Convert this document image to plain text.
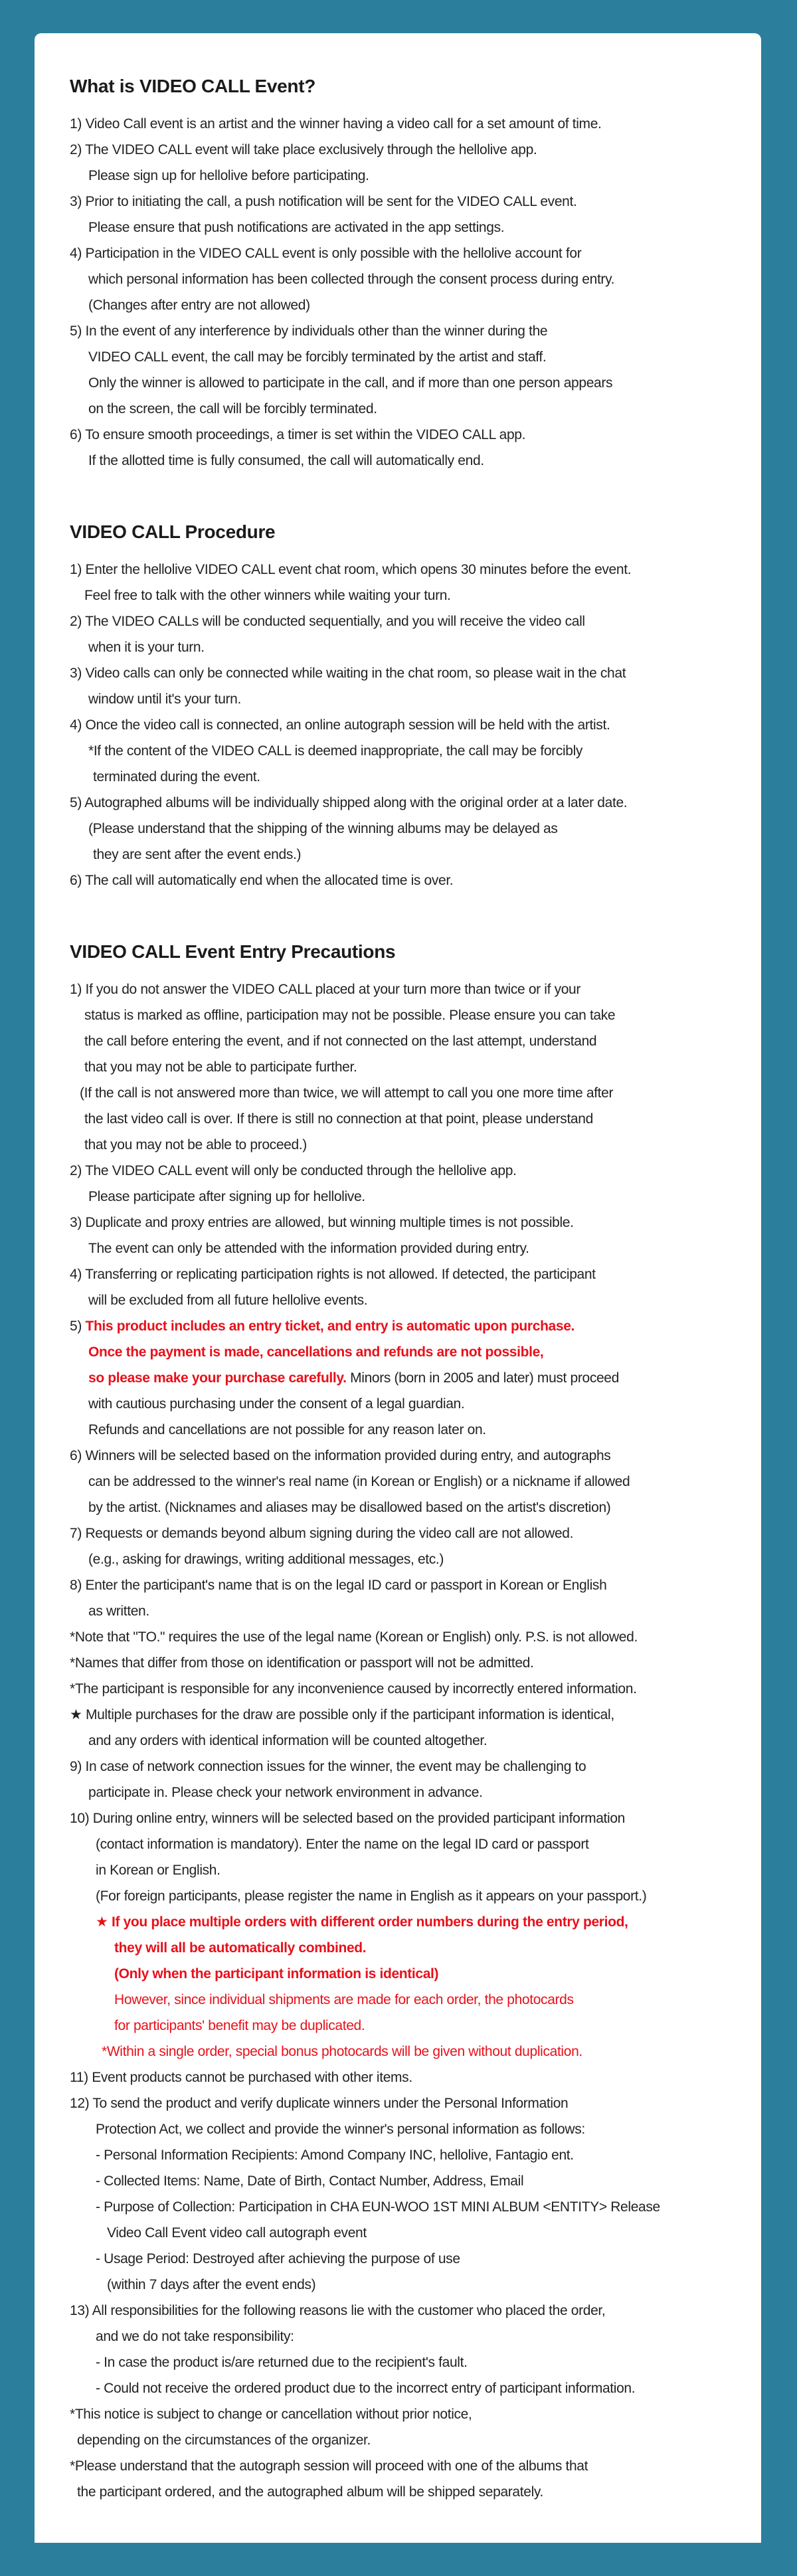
What is VIDEO CALL Event?
1) Video Call event is an artist and the winner having a video call for a set amount of time.
2) The VIDEO CALL event will take place exclusively through the hellolive app.
Please sign up for hellolive before participating.
3) Prior to initiating the call, a push notification will be sent for the VIDEO CALL event.
Please ensure that push notifications are activated in the app settings.
4) Participation in the VIDEO CALL event is only possible with the hellolive account for
which personal information has been collected through the consent process during entry.
(Changes after entry are not allowed)
5) In the event of any interference by individuals other than the winner during the
VIDEO CALL event, the call may be forcibly terminated by the artist and staff.
Only the winner is allowed to participate in the call, and if more than one person appears
on the screen, the call will be forcibly terminated.
6) To ensure smooth proceedings, a timer is set within the VIDEO CALL app.
If the allotted time is fully consumed, the call will automatically end.
VIDEO CALL Procedure
1) Enter the hellolive VIDEO CALL event chat room, which opens 30 minutes before the event.
Feel free to talk with the other winners while waiting your turn.
2) The VIDEO CALLs will be conducted sequentially, and you will receive the video call
when it is your turn.
3) Video calls can only be connected while waiting in the chat room, so please wait in the chat
window until it's your turn.
4) Once the video call is connected, an online autograph session will be held with the artist.
*If the content of the VIDEO CALL is deemed inappropriate, the call may be forcibly
terminated during the event.
5) Autographed albums will be individually shipped along with the original order at a later date.
(Please understand that the shipping of the winning albums may be delayed as
they are sent after the event ends.)
6) The call will automatically end when the allocated time is over.
VIDEO CALL Event Entry Precautions
1) If you do not answer the VIDEO CALL placed at your turn more than twice or if your
status is marked as offline, participation may not be possible. Please ensure you can take
the call before entering the event, and if not connected on the last attempt, understand
that you may not be able to participate further.
(If the call is not answered more than twice, we will attempt to call you one more time after
the last video call is over. If there is still no connection at that point, please understand
that you may not be able to proceed.)
2) The VIDEO CALL event will only be conducted through the hellolive app.
Please participate after signing up for hellolive.
3) Duplicate and proxy entries are allowed, but winning multiple times is not possible.
The event can only be attended with the information provided during entry.
4) Transferring or replicating participation rights is not allowed. If detected, the participant
will be excluded from all future hellolive events.
5) This product includes an entry ticket, and entry is automatic upon purchase.
Once the payment is made, cancellations and refunds are not possible,
so please make your purchase carefully. Minors (born in 2005 and later) must proceed
with cautious purchasing under the consent of a legal guardian.
Refunds and cancellations are not possible for any reason later on.
6) Winners will be selected based on the information provided during entry, and autographs
can be addressed to the winner's real name (in Korean or English) or a nickname if allowed
by the artist. (Nicknames and aliases may be disallowed based on the artist's discretion)
7) Requests or demands beyond album signing during the video call are not allowed.
(e.g., asking for drawings, writing additional messages, etc.)
8) Enter the participant's name that is on the legal ID card or passport in Korean or English
as written.
*Note that "TO." requires the use of the legal name (Korean or English) only. P.S. is not allowed.
*Names that differ from those on identification or passport will not be admitted.
*The participant is responsible for any inconvenience caused by incorrectly entered information.
★ Multiple purchases for the draw are possible only if the participant information is identical,
and any orders with identical information will be counted altogether.
9) In case of network connection issues for the winner, the event may be challenging to
participate in. Please check your network environment in advance.
10) During online entry, winners will be selected based on the provided participant information
(contact information is mandatory). Enter the name on the legal ID card or passport
in Korean or English.
(For foreign participants, please register the name in English as it appears on your passport.)
★ If you place multiple orders with different order numbers during the entry period,
they will all be automatically combined.
(Only when the participant information is identical)
However, since individual shipments are made for each order, the photocards
for participants' benefit may be duplicated.
*Within a single order, special bonus photocards will be given without duplication.
11) Event products cannot be purchased with other items.
12) To send the product and verify duplicate winners under the Personal Information
Protection Act, we collect and provide the winner's personal information as follows:
- Personal Information Recipients: Amond Company INC, hellolive, Fantagio ent.
- Collected Items: Name, Date of Birth, Contact Number, Address, Email
- Purpose of Collection: Participation in CHA EUN-WOO 1ST MINI ALBUM <ENTITY> Release
Video Call Event video call autograph event
- Usage Period: Destroyed after achieving the purpose of use
(within 7 days after the event ends)
13) All responsibilities for the following reasons lie with the customer who placed the order,
and we do not take responsibility:
- In case the product is/are returned due to the recipient's fault.
- Could not receive the ordered product due to the incorrect entry of participant information.
*This notice is subject to change or cancellation without prior notice,
depending on the circumstances of the organizer.
*Please understand that the autograph session will proceed with one of the albums that
the participant ordered, and the autographed album will be shipped separately.
